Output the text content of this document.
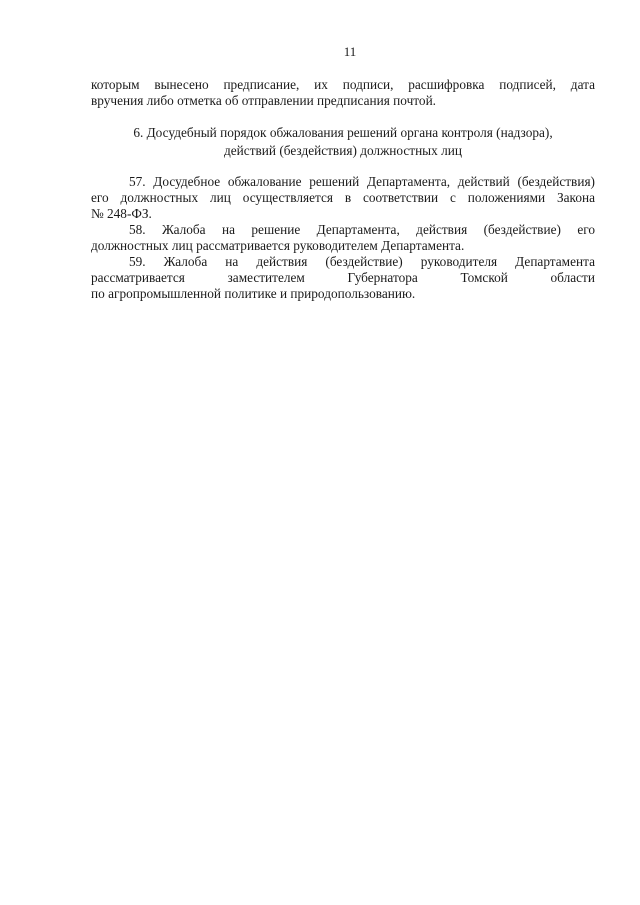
11
которым вынесено предписание, их подписи, расшифровка подписей, дата
вручения либо отметка об отправлении предписания почтой.
6. Досудебный порядок обжалования решений органа контроля (надзора),
действий (бездействия) должностных лиц
57. Досудебное обжалование решений Департамента, действий (бездействия)
его должностных лиц осуществляется в соответствии с положениями Закона
№ 248-ФЗ.
58. Жалоба на решение Департамента, действия (бездействие) его
должностных лиц рассматривается руководителем Департамента.
59. Жалоба на действия (бездействие) руководителя Департамента
рассматривается заместителем Губернатора Томской области
по агропромышленной политике и природопользованию.
